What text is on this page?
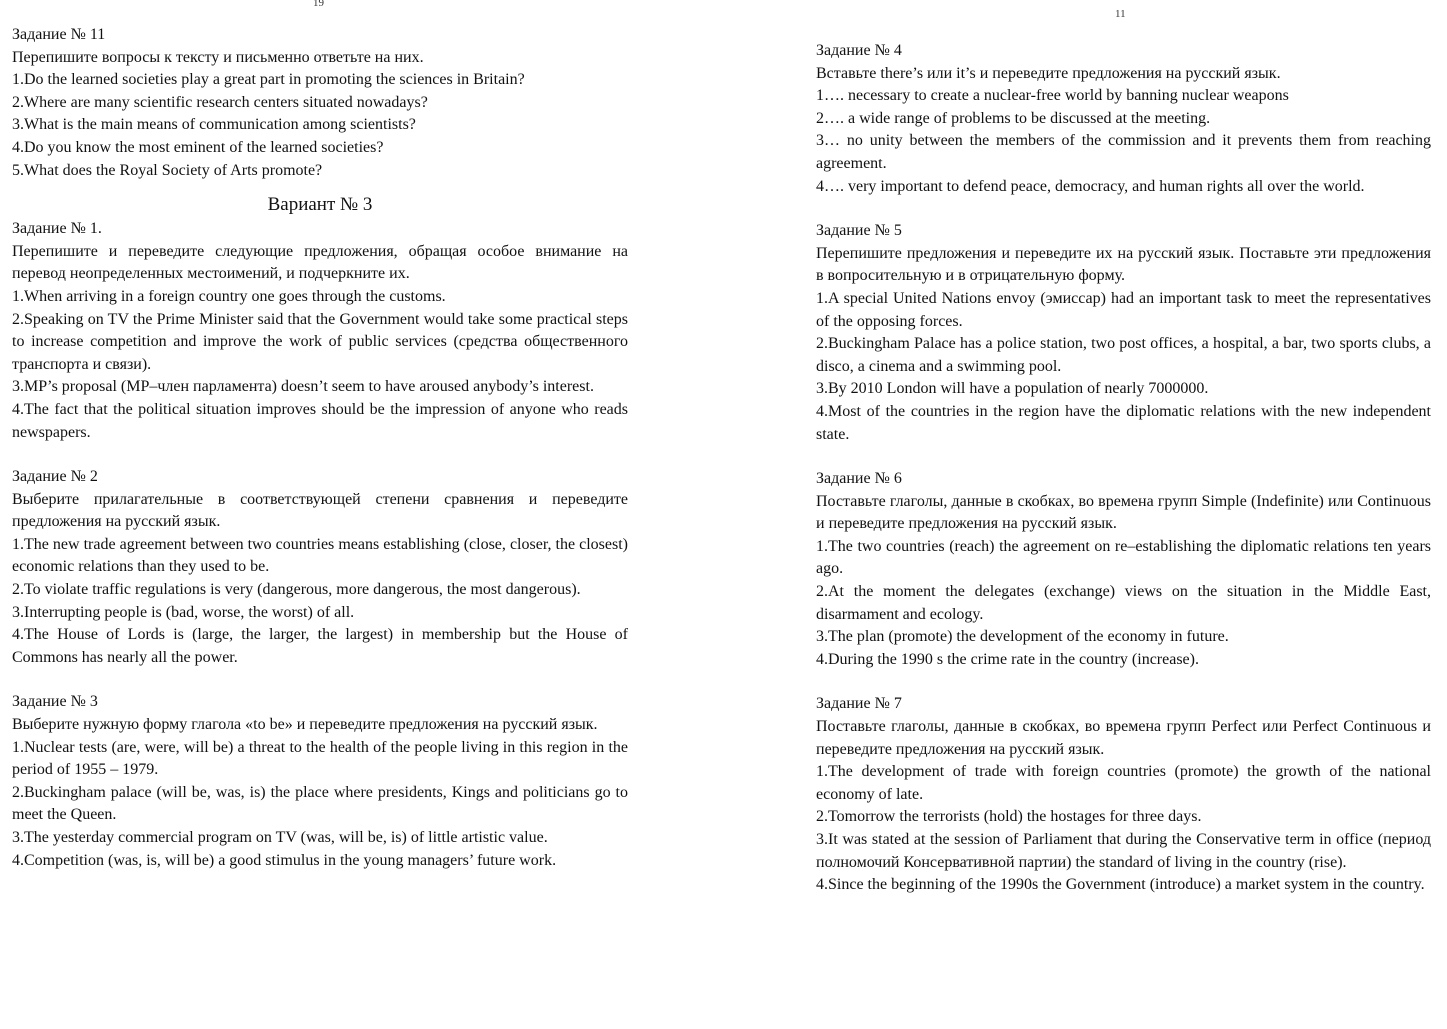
19

Задание № 11

Перепишите вопросы к тексту и письменно ответьте на них.

1.Do the learned societies play a great part in promoting the sciences in Britain?

2.Where are many scientific research centers situated nowadays?

3.What is the main means of communication among scientists?

4.Do you know the most eminent of the learned societies?

5.What does the Royal Society of Arts promote?

Вариант № 3

Задание № 1.

Перепишите и переведите следующие предложения, обращая особое внимание на перевод неопределенных местоимений, и подчеркните их.

1.When arriving in a foreign country one goes through the customs.

2.Speaking on TV the Prime Minister said that the Government would take some practical steps to increase competition and improve the work of public services (средства общественного транспорта и связи).

3.MP’s proposal (MP–член парламента) doesn’t seem to have aroused anybody’s interest.

4.The fact that the political situation improves should be the impression of anyone who reads newspapers.

Задание № 2

Выберите прилагательные в соответствующей степени сравнения и переведите предложения на русский язык.

1.The new trade agreement between two countries means establishing (close, closer, the closest) economic relations than they used to be.

2.To violate traffic regulations is very (dangerous, more dangerous, the most dangerous).

3.Interrupting people is (bad, worse, the worst) of all.

4.The House of Lords is (large, the larger, the largest) in membership but the House of Commons has nearly all the power.

Задание № 3

Выберите нужную форму глагола «to be» и переведите предложения на русский язык.

1.Nuclear tests (are, were, will be) a threat to the health of the people living in this region in the period of 1955 – 1979.

2.Buckingham palace (will be, was, is) the place where presidents, Kings and politicians go to meet the Queen.

3.The yesterday commercial program on TV (was, will be, is) of little artistic value.

4.Competition (was, is, will be) a good stimulus in the young managers’ future work.

11

Задание № 4

Вставьте there’s или it’s и переведите предложения на русский язык.

1…. necessary to create a nuclear-free world by banning nuclear weapons

2…. a wide range of problems to be discussed at the meeting.

3… no unity between the members of the commission and it prevents them from reaching agreement.

4…. very important to defend peace, democracy, and human rights all over the world.

Задание № 5

Перепишите предложения и переведите их на русский язык. Поставьте эти предложения в вопросительную и в отрицательную форму.

1.A special United Nations envoy (эмиссар) had an important task to meet the representatives of the opposing forces.

2.Buckingham Palace has a police station, two post offices, a hospital, a bar, two sports clubs, a disco, a cinema and a swimming pool.

3.By 2010 London will have a population of nearly 7000000.

4.Most of the countries in the region have the diplomatic relations with the new independent state.

Задание № 6

Поставьте глаголы, данные в скобках, во времена групп Simple (Indefinite) или Continuous и переведите предложения на русский язык.

1.The two countries (reach) the agreement on re–establishing the diplomatic relations ten years ago.

2.At the moment the delegates (exchange) views on the situation in the Middle East, disarmament and ecology.

3.The plan (promote) the development of the economy in future.

4.During the 1990 s the crime rate in the country (increase).

Задание № 7

Поставьте глаголы, данные в скобках, во времена групп Perfect или Perfect Continuous и переведите предложения на русский язык.

1.The development of trade with foreign countries (promote) the growth of the national economy of late.

2.Tomorrow the terrorists (hold) the hostages for three days.

3.It was stated at the session of Parliament that during the Conservative term in office (период полномочий Консервативной партии) the standard of living in the country (rise).

4.Since the beginning of the 1990s the Government (introduce) a market system in the country.
